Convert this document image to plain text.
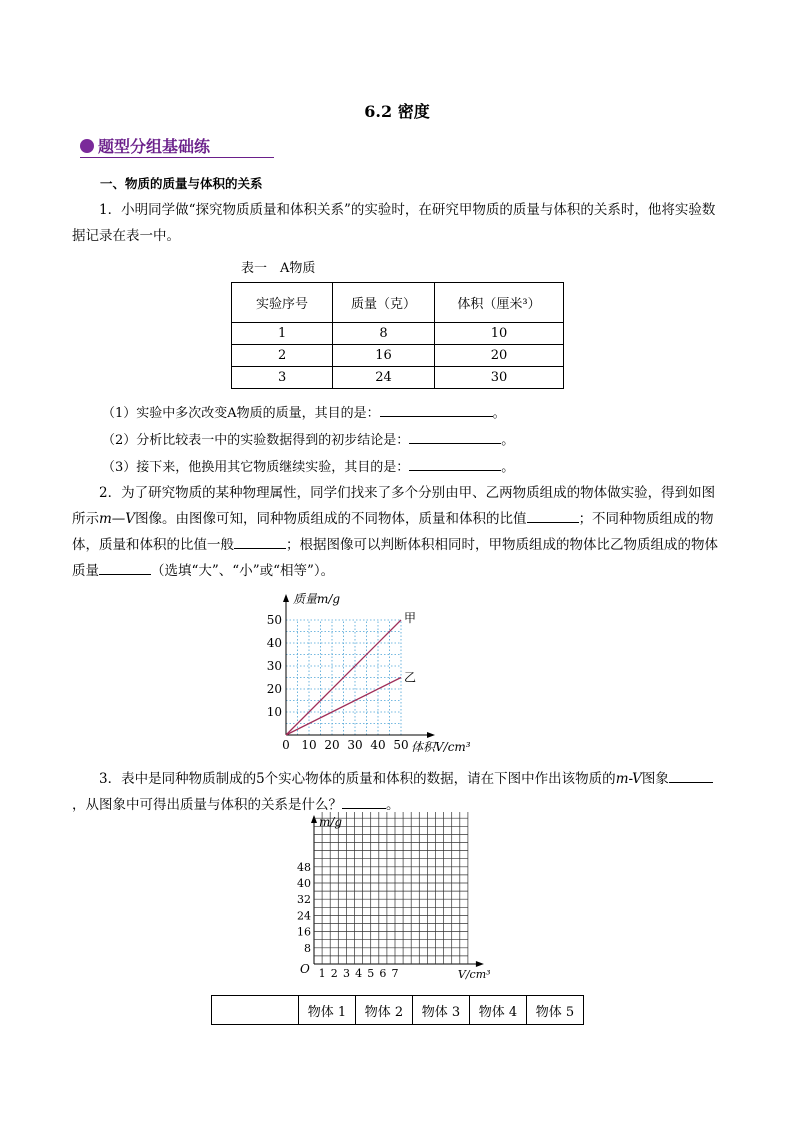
6.2 密度
题型分组基础练
一、物质的质量与体积的关系
1．小明同学做“探究物质质量和体积关系”的实验时，在研究甲物质的质量与体积的关系时，他将实验数据记录在表一中。
表一　A物质
实验序号	质量（克）	体积（厘米³）
1	8	10
2	16	20
3	24	30
（1）实验中多次改变A物质的质量，其目的是：	。
（2）分析比较表一中的实验数据得到的初步结论是：	。
（3）接下来，他换用其它物质继续实验，其目的是：	。
2．为了研究物质的某种物理属性，同学们找来了多个分别由甲、乙两物质组成的物体做实验，得到如图所示m—V图像。由图像可知，同种物质组成的不同物体，质量和体积的比值	；不同种物质组成的物体，质量和体积的比值一般	；根据图像可以判断体积相同时，甲物质组成的物体比乙物质组成的物体质量	（选填“大”、“小”或“相等”）。
0 10 20 30 40 50
10
20
30
40
50
质量m/g
体积V/cm³
甲
乙
3．表中是同种物质制成的5个实心物体的质量和体积的数据，请在下图中作出该物质的m-V图象，从图象中可得出质量与体积的关系是什么？	。
1 2 3 4 5 6 7
8
16
24
32
40
48
O
m/g
V/cm³
	物体 1	物体 2	物体 3	物体 4	物体 5
